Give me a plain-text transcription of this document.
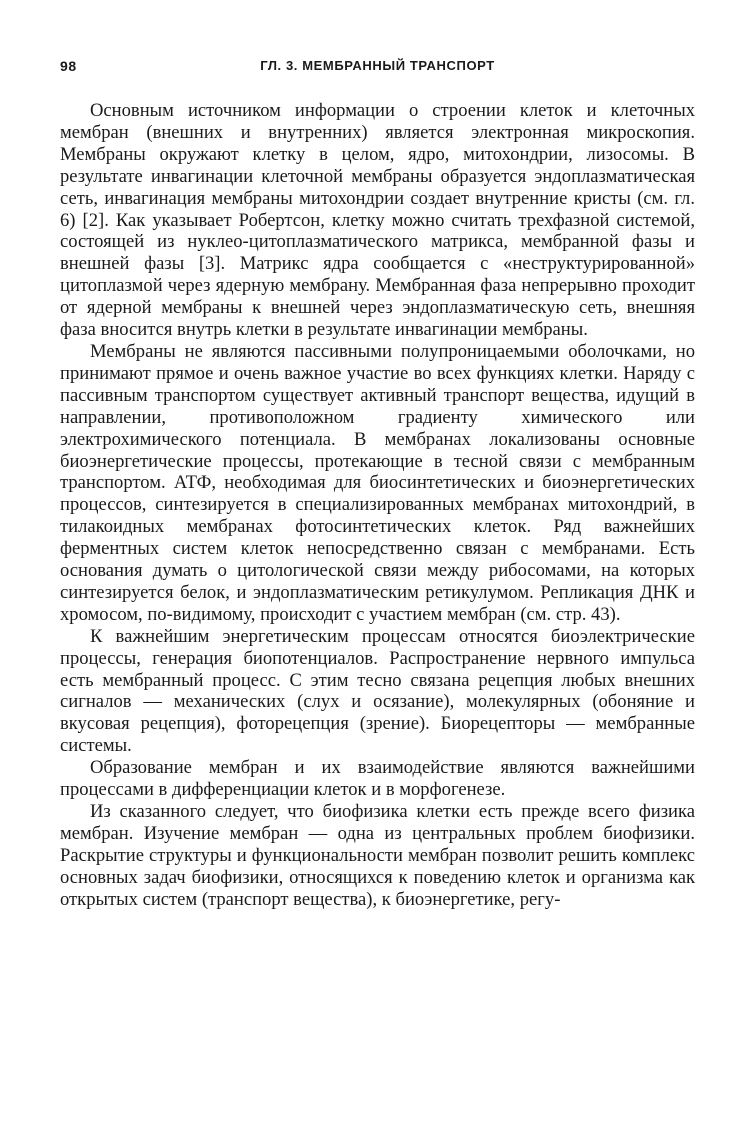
98	ГЛ. 3. МЕМБРАННЫЙ ТРАНСПОРТ

Основным источником информации о строении клеток и клеточных мембран (внешних и внутренних) является электронная микроскопия. Мембраны окружают клетку в целом, ядро, митохондрии, лизосомы. В результате инвагинации клеточной мембраны образуется эндоплазматическая сеть, инвагинация мембраны митохондрии создает внутренние кристы (см. гл. 6) [2]. Как указывает Робертсон, клетку можно считать трехфазной системой, состоящей из нуклео-цитоплазматического матрикса, мембранной фазы и внешней фазы [3]. Матрикс ядра сообщается с «неструктурированной» цитоплазмой через ядерную мембрану. Мембранная фаза непрерывно проходит от ядерной мембраны к внешней через эндоплазматическую сеть, внешняя фаза вносится внутрь клетки в результате инвагинации мембраны.

Мембраны не являются пассивными полупроницаемыми оболочками, но принимают прямое и очень важное участие во всех функциях клетки. Наряду с пассивным транспортом существует активный транспорт вещества, идущий в направлении, противоположном градиенту химического или электрохимического потенциала. В мембранах локализованы основные биоэнергетические процессы, протекающие в тесной связи с мембранным транспортом. АТФ, необходимая для биосинтетических и биоэнергетических процессов, синтезируется в специализированных мембранах митохондрий, в тилакоидных мембранах фотосинтетических клеток. Ряд важнейших ферментных систем клеток непосредственно связан с мембранами. Есть основания думать о цитологической связи между рибосомами, на которых синтезируется белок, и эндоплазматическим ретикулумом. Репликация ДНК и хромосом, по-видимому, происходит с участием мембран (см. стр. 43).

К важнейшим энергетическим процессам относятся биоэлектрические процессы, генерация биопотенциалов. Распространение нервного импульса есть мембранный процесс. С этим тесно связана рецепция любых внешних сигналов — механических (слух и осязание), молекулярных (обоняние и вкусовая рецепция), фоторецепция (зрение). Биорецепторы — мембранные системы.

Образование мембран и их взаимодействие являются важнейшими процессами в дифференциации клеток и в морфогенезе.

Из сказанного следует, что биофизика клетки есть прежде всего физика мембран. Изучение мембран — одна из центральных проблем биофизики. Раскрытие структуры и функциональности мембран позволит решить комплекс основных задач биофизики, относящихся к поведению клеток и организма как открытых систем (транспорт вещества), к биоэнергетике, регу-
